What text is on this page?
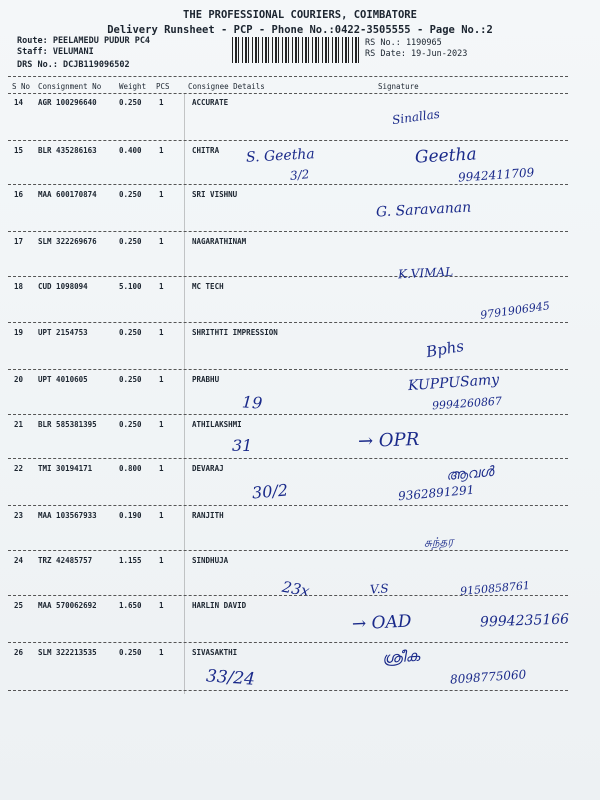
THE PROFESSIONAL COURIERS, COIMBATORE
Delivery Runsheet - PCP - Phone No.:0422-3505555 - Page No.:2
Route: PEELAMEDU PUDUR PC4
Staff: VELUMANI
DRS No.: DCJB119096502
RS No.: 1190965
RS Date: 19-Jun-2023
S No Consignment No Weight PCS Consignee Details	Signature
14 AGR 100296640	0.250 1	ACCURATE
Sinallas
15 BLR 435286163	0.400 1	CHITRA S. Geetha
3/2
Geetha
9942411709
16 MAA 600170874	0.250 1	SRI VISHNU
G. Saravanan
17 SLM 322269676	0.250 1	NAGARATHINAM
18 CUD 1098094	5.100 1	MC TECH
K.VIMAL
9791906945
19 UPT 2154753	0.250 1	SHRITHTI IMPRESSION
Bphs
20 UPT 4010605	0.250 1	PRABHU
19
KUPPUSamy
9994260867
21 BLR 585381395	0.250 1	ATHILAKSHMI
31	→ OPR
22 TMI 30194171	0.800 1	DEVARAJ
30/2
ആവൾ
9362891291
23 MAA 103567933	0.190 1	RANJITH
சுந்தர
24 TRZ 42485757	1.155 1	SINDHUJA
23x	V.S	9150858761
25 MAA 570062692	1.650 1	HARLIN DAVID
→ OAD	9994235166
26 SLM 322213535	0.250 1	SIVASAKTHI
33/24
ശ്രീക
8098775060
